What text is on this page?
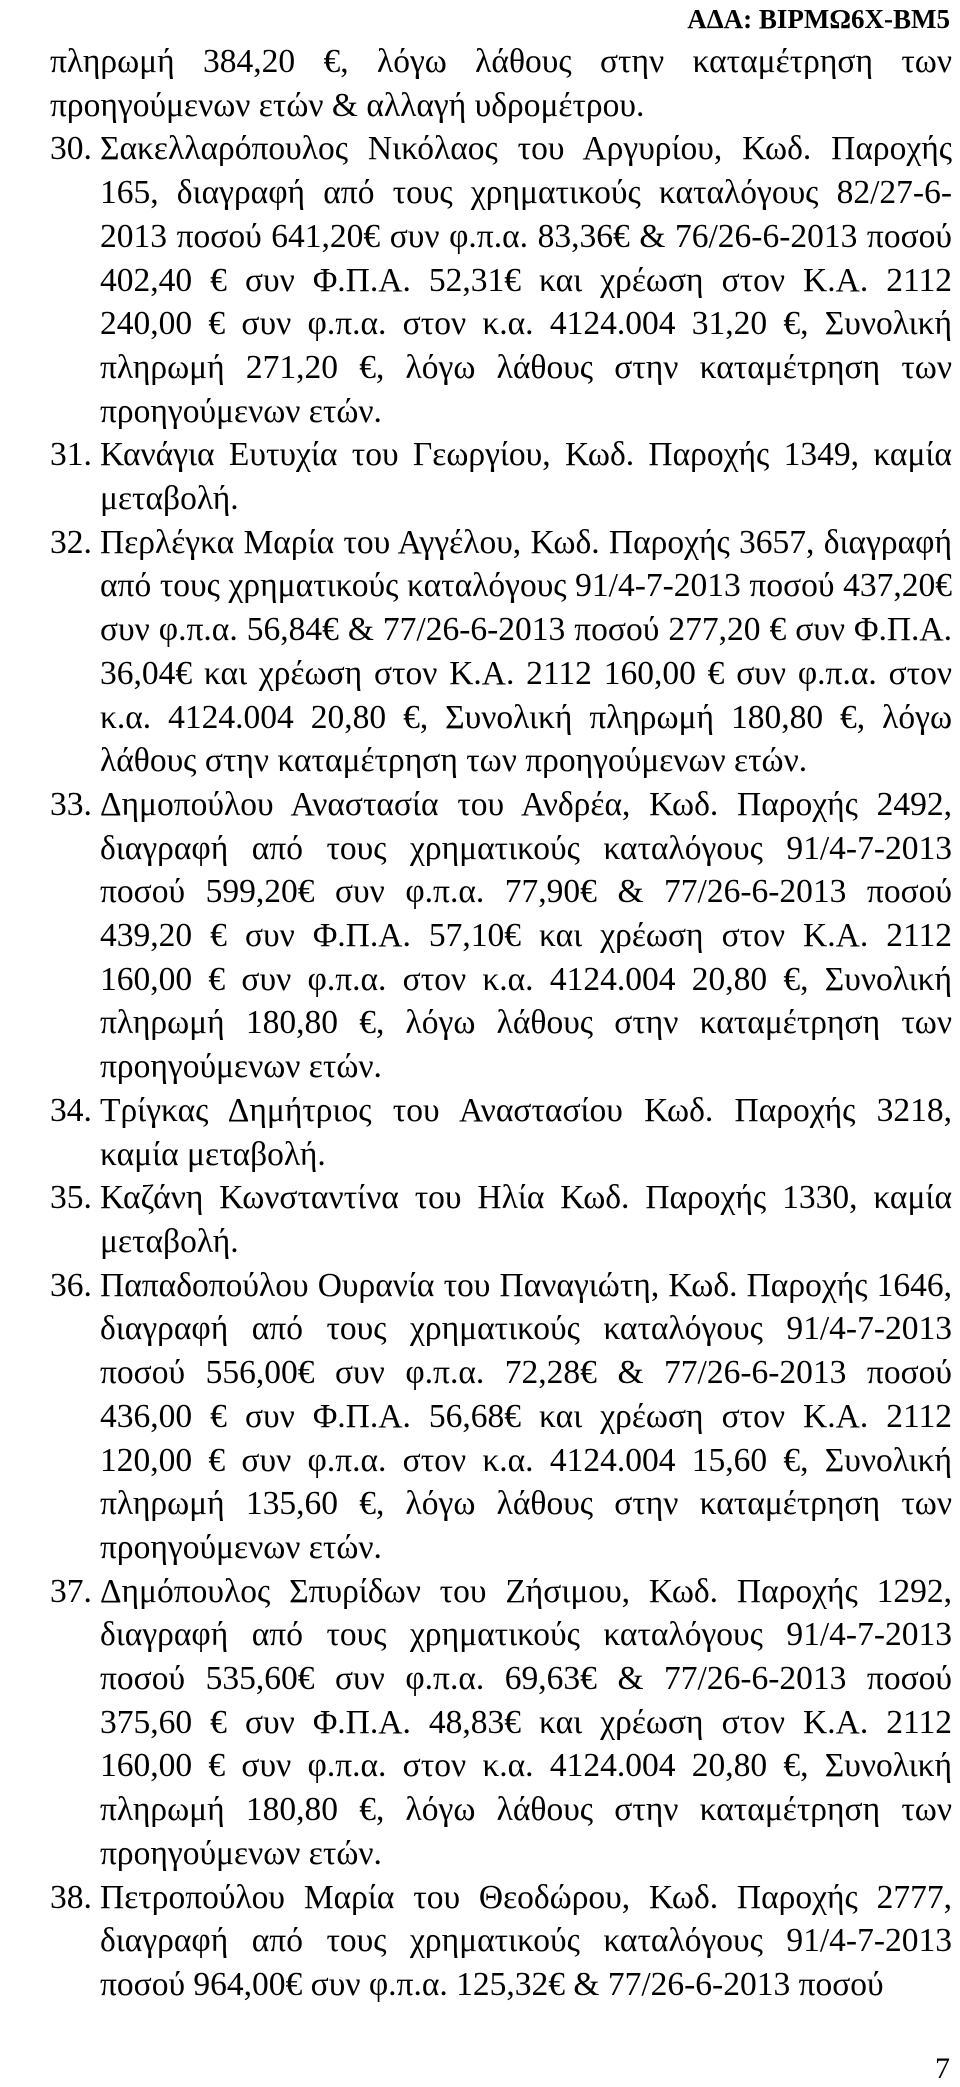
ΑΔΑ: ΒΙΡΜΩ6Χ-ΒΜ5

πληρωμή 384,20 €, λόγω λάθους στην καταμέτρηση των προηγούμενων ετών & αλλαγή υδρομέτρου.

30. Σακελλαρόπουλος Νικόλαος του Αργυρίου, Κωδ. Παροχής 165, διαγραφή από τους χρηματικούς καταλόγους 82/27-6-2013 ποσού 641,20€ συν φ.π.α. 83,36€ & 76/26-6-2013 ποσού 402,40 € συν Φ.Π.Α. 52,31€ και χρέωση στον Κ.Α. 2112 240,00 € συν φ.π.α. στον κ.α. 4124.004 31,20 €, Συνολική πληρωμή 271,20 €, λόγω λάθους στην καταμέτρηση των προηγούμενων ετών.

31. Κανάγια Ευτυχία του Γεωργίου, Κωδ. Παροχής 1349, καμία μεταβολή.

32. Περλέγκα Μαρία του Αγγέλου, Κωδ. Παροχής 3657, διαγραφή από τους χρηματικούς καταλόγους 91/4-7-2013 ποσού 437,20€ συν φ.π.α. 56,84€ & 77/26-6-2013 ποσού 277,20 € συν Φ.Π.Α. 36,04€ και χρέωση στον Κ.Α. 2112 160,00 € συν φ.π.α. στον κ.α. 4124.004 20,80 €, Συνολική πληρωμή 180,80 €, λόγω λάθους στην καταμέτρηση των προηγούμενων ετών.

33. Δημοπούλου Αναστασία του Ανδρέα, Κωδ. Παροχής 2492, διαγραφή από τους χρηματικούς καταλόγους 91/4-7-2013 ποσού 599,20€ συν φ.π.α. 77,90€ & 77/26-6-2013 ποσού 439,20 € συν Φ.Π.Α. 57,10€ και χρέωση στον Κ.Α. 2112 160,00 € συν φ.π.α. στον κ.α. 4124.004 20,80 €, Συνολική πληρωμή 180,80 €, λόγω λάθους στην καταμέτρηση των προηγούμενων ετών.

34. Τρίγκας Δημήτριος του Αναστασίου Κωδ. Παροχής 3218, καμία μεταβολή.

35. Καζάνη Κωνσταντίνα του Ηλία Κωδ. Παροχής 1330, καμία μεταβολή.

36. Παπαδοπούλου Ουρανία του Παναγιώτη, Κωδ. Παροχής 1646, διαγραφή από τους χρηματικούς καταλόγους 91/4-7-2013 ποσού 556,00€ συν φ.π.α. 72,28€ & 77/26-6-2013 ποσού 436,00 € συν Φ.Π.Α. 56,68€ και χρέωση στον Κ.Α. 2112 120,00 € συν φ.π.α. στον κ.α. 4124.004 15,60 €, Συνολική πληρωμή 135,60 €, λόγω λάθους στην καταμέτρηση των προηγούμενων ετών.

37. Δημόπουλος Σπυρίδων του Ζήσιμου, Κωδ. Παροχής 1292, διαγραφή από τους χρηματικούς καταλόγους 91/4-7-2013 ποσού 535,60€ συν φ.π.α. 69,63€ & 77/26-6-2013 ποσού 375,60 € συν Φ.Π.Α. 48,83€ και χρέωση στον Κ.Α. 2112 160,00 € συν φ.π.α. στον κ.α. 4124.004 20,80 €, Συνολική πληρωμή 180,80 €, λόγω λάθους στην καταμέτρηση των προηγούμενων ετών.

38. Πετροπούλου Μαρία του Θεοδώρου, Κωδ. Παροχής 2777, διαγραφή από τους χρηματικούς καταλόγους 91/4-7-2013 ποσού 964,00€ συν φ.π.α. 125,32€ & 77/26-6-2013 ποσού

7
